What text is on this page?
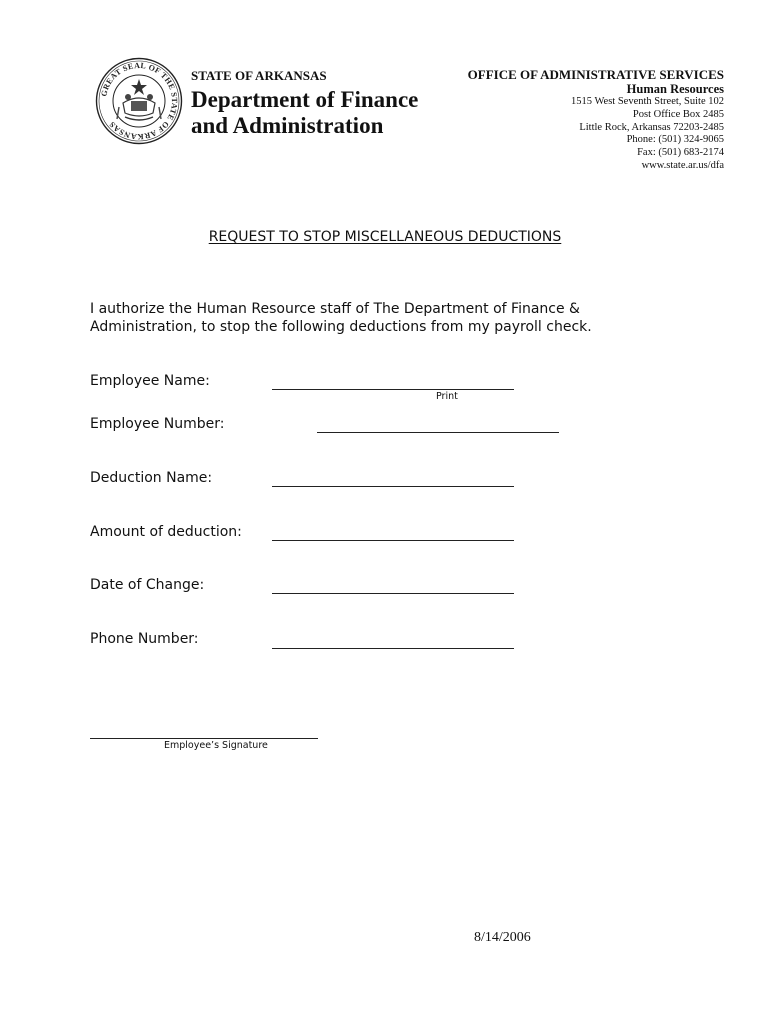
GREAT SEAL OF THE STATE OF ARKANSAS
STATE OF ARKANSAS
Department of Finance
and Administration
OFFICE OF ADMINISTRATIVE SERVICES
Human Resources
1515 West Seventh Street, Suite 102
Post Office Box 2485
Little Rock, Arkansas 72203-2485
Phone: (501) 324-9065
Fax: (501) 683-2174
www.state.ar.us/dfa
REQUEST TO STOP MISCELLANEOUS DEDUCTIONS
I authorize the Human Resource staff of The Department of Finance &
Administration, to stop the following deductions from my payroll check.
Employee Name:
Print
Employee Number:
Deduction Name:
Amount of deduction:
Date of Change:
Phone Number:
Employee’s Signature
8/14/2006
